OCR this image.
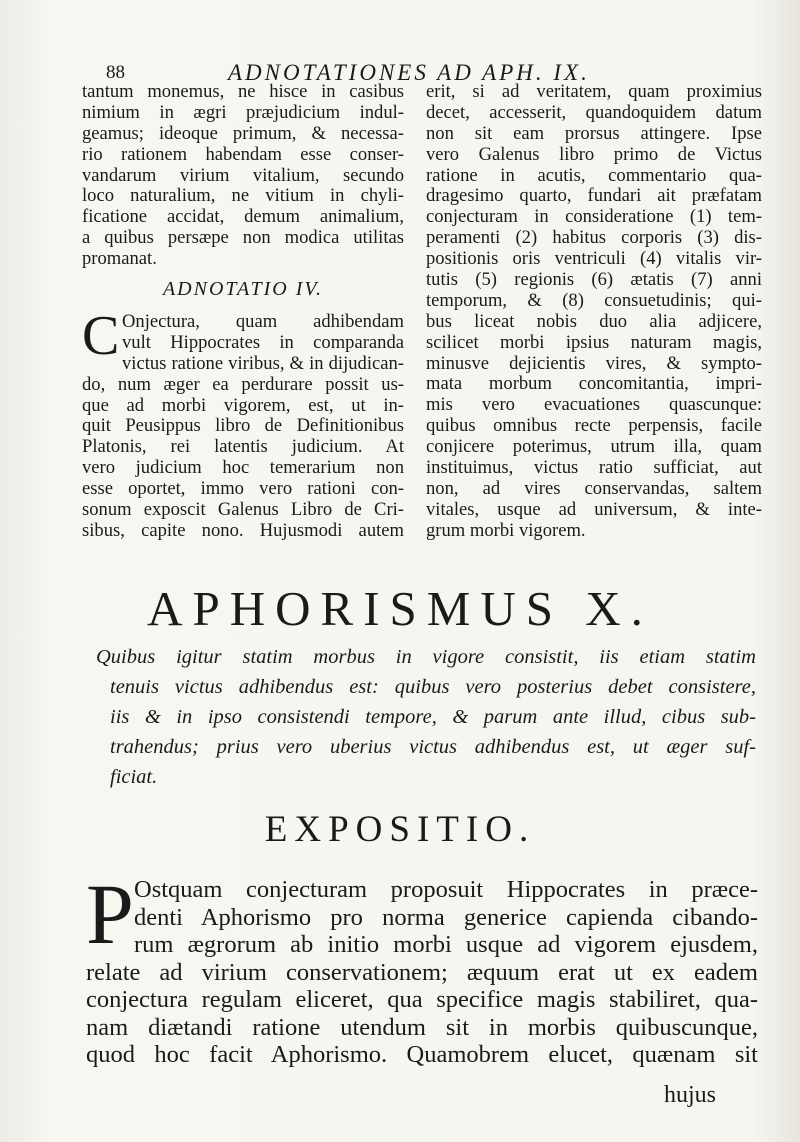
88	ADNOTATIONES AD APH. IX.
tantum monemus, ne hisce in casibus
nimium in ægri præjudicium indul-
geamus; ideoque primum, & necessa-
rio rationem habendam esse conser-
vandarum virium vitalium, secundo
loco naturalium, ne vitium in chyli-
ficatione accidat, demum animalium,
a quibus persæpe non modica utilitas
promanat.
ADNOTATIO IV.
C Onjectura, quam adhibendam
vult Hippocrates in comparanda
victus ratione viribus, & in dijudican-
do, num æger ea perdurare possit us-
que ad morbi vigorem, est, ut in-
quit Peusippus libro de Definitionibus
Platonis, rei latentis judicium. At
vero judicium hoc temerarium non
esse oportet, immo vero rationi con-
sonum exposcit Galenus Libro de Cri-
sibus, capite nono. Hujusmodi autem
erit, si ad veritatem, quam proximius
decet, accesserit, quandoquidem datum
non sit eam prorsus attingere. Ipse
vero Galenus libro primo de Victus
ratione in acutis, commentario qua-
dragesimo quarto, fundari ait præfatam
conjecturam in consideratione (1) tem-
peramenti (2) habitus corporis (3) dis-
positionis oris ventriculi (4) vitalis vir-
tutis (5) regionis (6) ætatis (7) anni
temporum, & (8) consuetudinis; qui-
bus liceat nobis duo alia adjicere,
scilicet morbi ipsius naturam magis,
minusve dejicientis vires, & sympto-
mata morbum concomitantia, impri-
mis vero evacuationes quascunque:
quibus omnibus recte perpensis, facile
conjicere poterimus, utrum illa, quam
instituimus, victus ratio sufficiat, aut
non, ad vires conservandas, saltem
vitales, usque ad universum, & inte-
grum morbi vigorem.
APHORISMUS X.
Quibus igitur statim morbus in vigore consistit, iis etiam statim
tenuis victus adhibendus est: quibus vero posterius debet consistere,
iis & in ipso consistendi tempore, & parum ante illud, cibus sub-
trahendus; prius vero uberius victus adhibendus est, ut æger suf-
ficiat.
EXPOSITIO.
P Ostquam conjecturam proposuit Hippocrates in præce-
denti Aphorismo pro norma generice capienda cibando-
rum ægrorum ab initio morbi usque ad vigorem ejusdem,
relate ad virium conservationem; æquum erat ut ex eadem
conjectura regulam eliceret, qua specifice magis stabiliret, qua-
nam diætandi ratione utendum sit in morbis quibuscunque,
quod hoc facit Aphorismo. Quamobrem elucet, quænam sit
hujus
